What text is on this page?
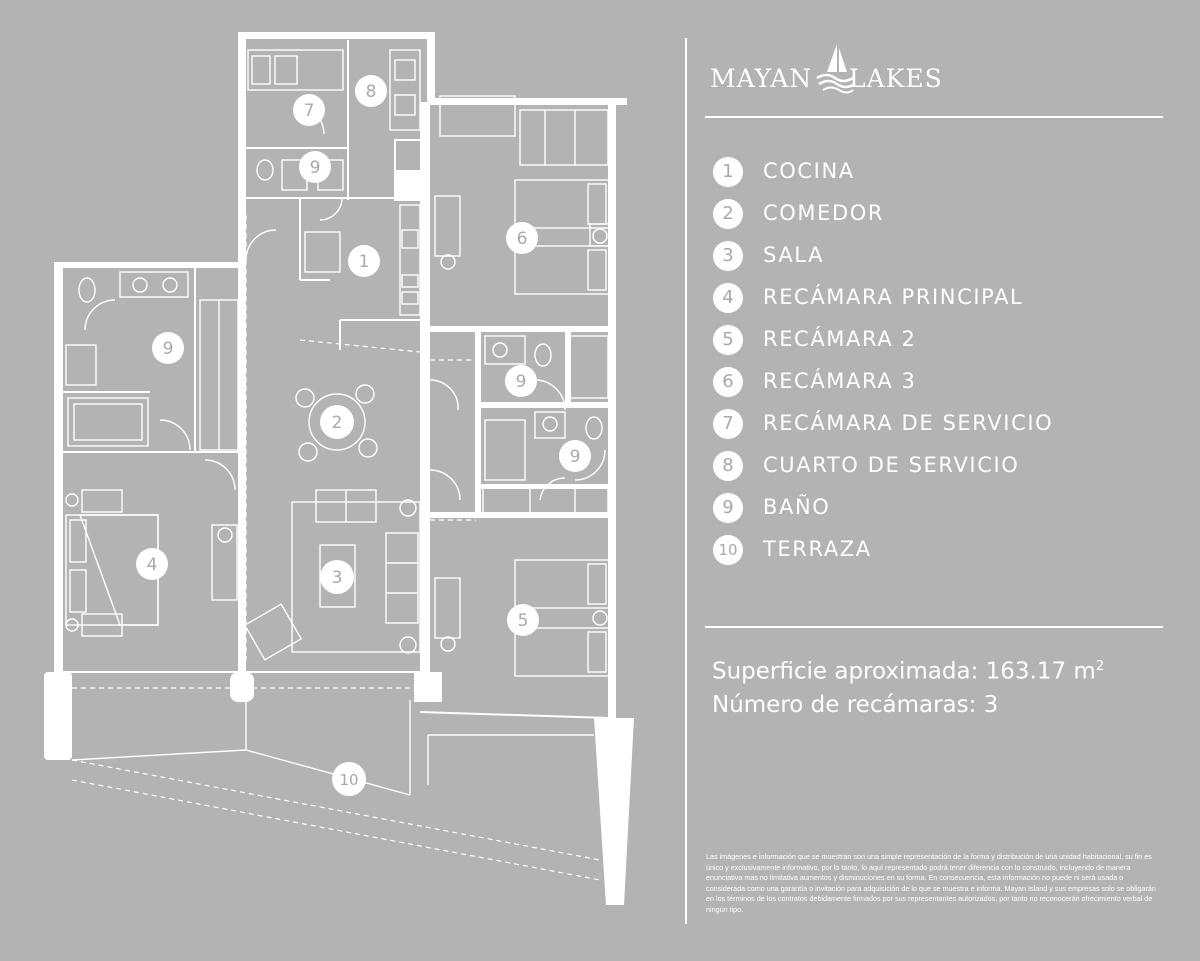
1
2
3
4
5
6
7
8
9
9
9
9
10
MAYAN LAKES
1	COCINA
2	COMEDOR
3	SALA
4	RECÁMARA PRINCIPAL
5	RECÁMARA 2
6	RECÁMARA 3
7	RECÁMARA DE SERVICIO
8	CUARTO DE SERVICIO
9	BAÑO
10 TERRAZA
Superficie aproximada: 163.17 $m^2$
Número de recámaras: 3
Las imágenes e información que se muestran son una simple representación de la forma y distribución de una unidad habitacional, su fin es único y exclusivamente informativo, por lo tanto, lo aquí representado podrá tener diferencia con lo construido, incluyendo de manera enunciativa mas no limitativa aumentos y disminuciones en su forma. En consecuencia, esta información no puede ni será usada o considerada como una garantía o invitación para adquisición de lo que se muestra e informa. Mayan Island y sus empresas solo se obligarán en los términos de los contratos debidamente firmados por sus representantes autorizados, por tanto no reconocerán ofrecimiento verbal de ningún tipo.
